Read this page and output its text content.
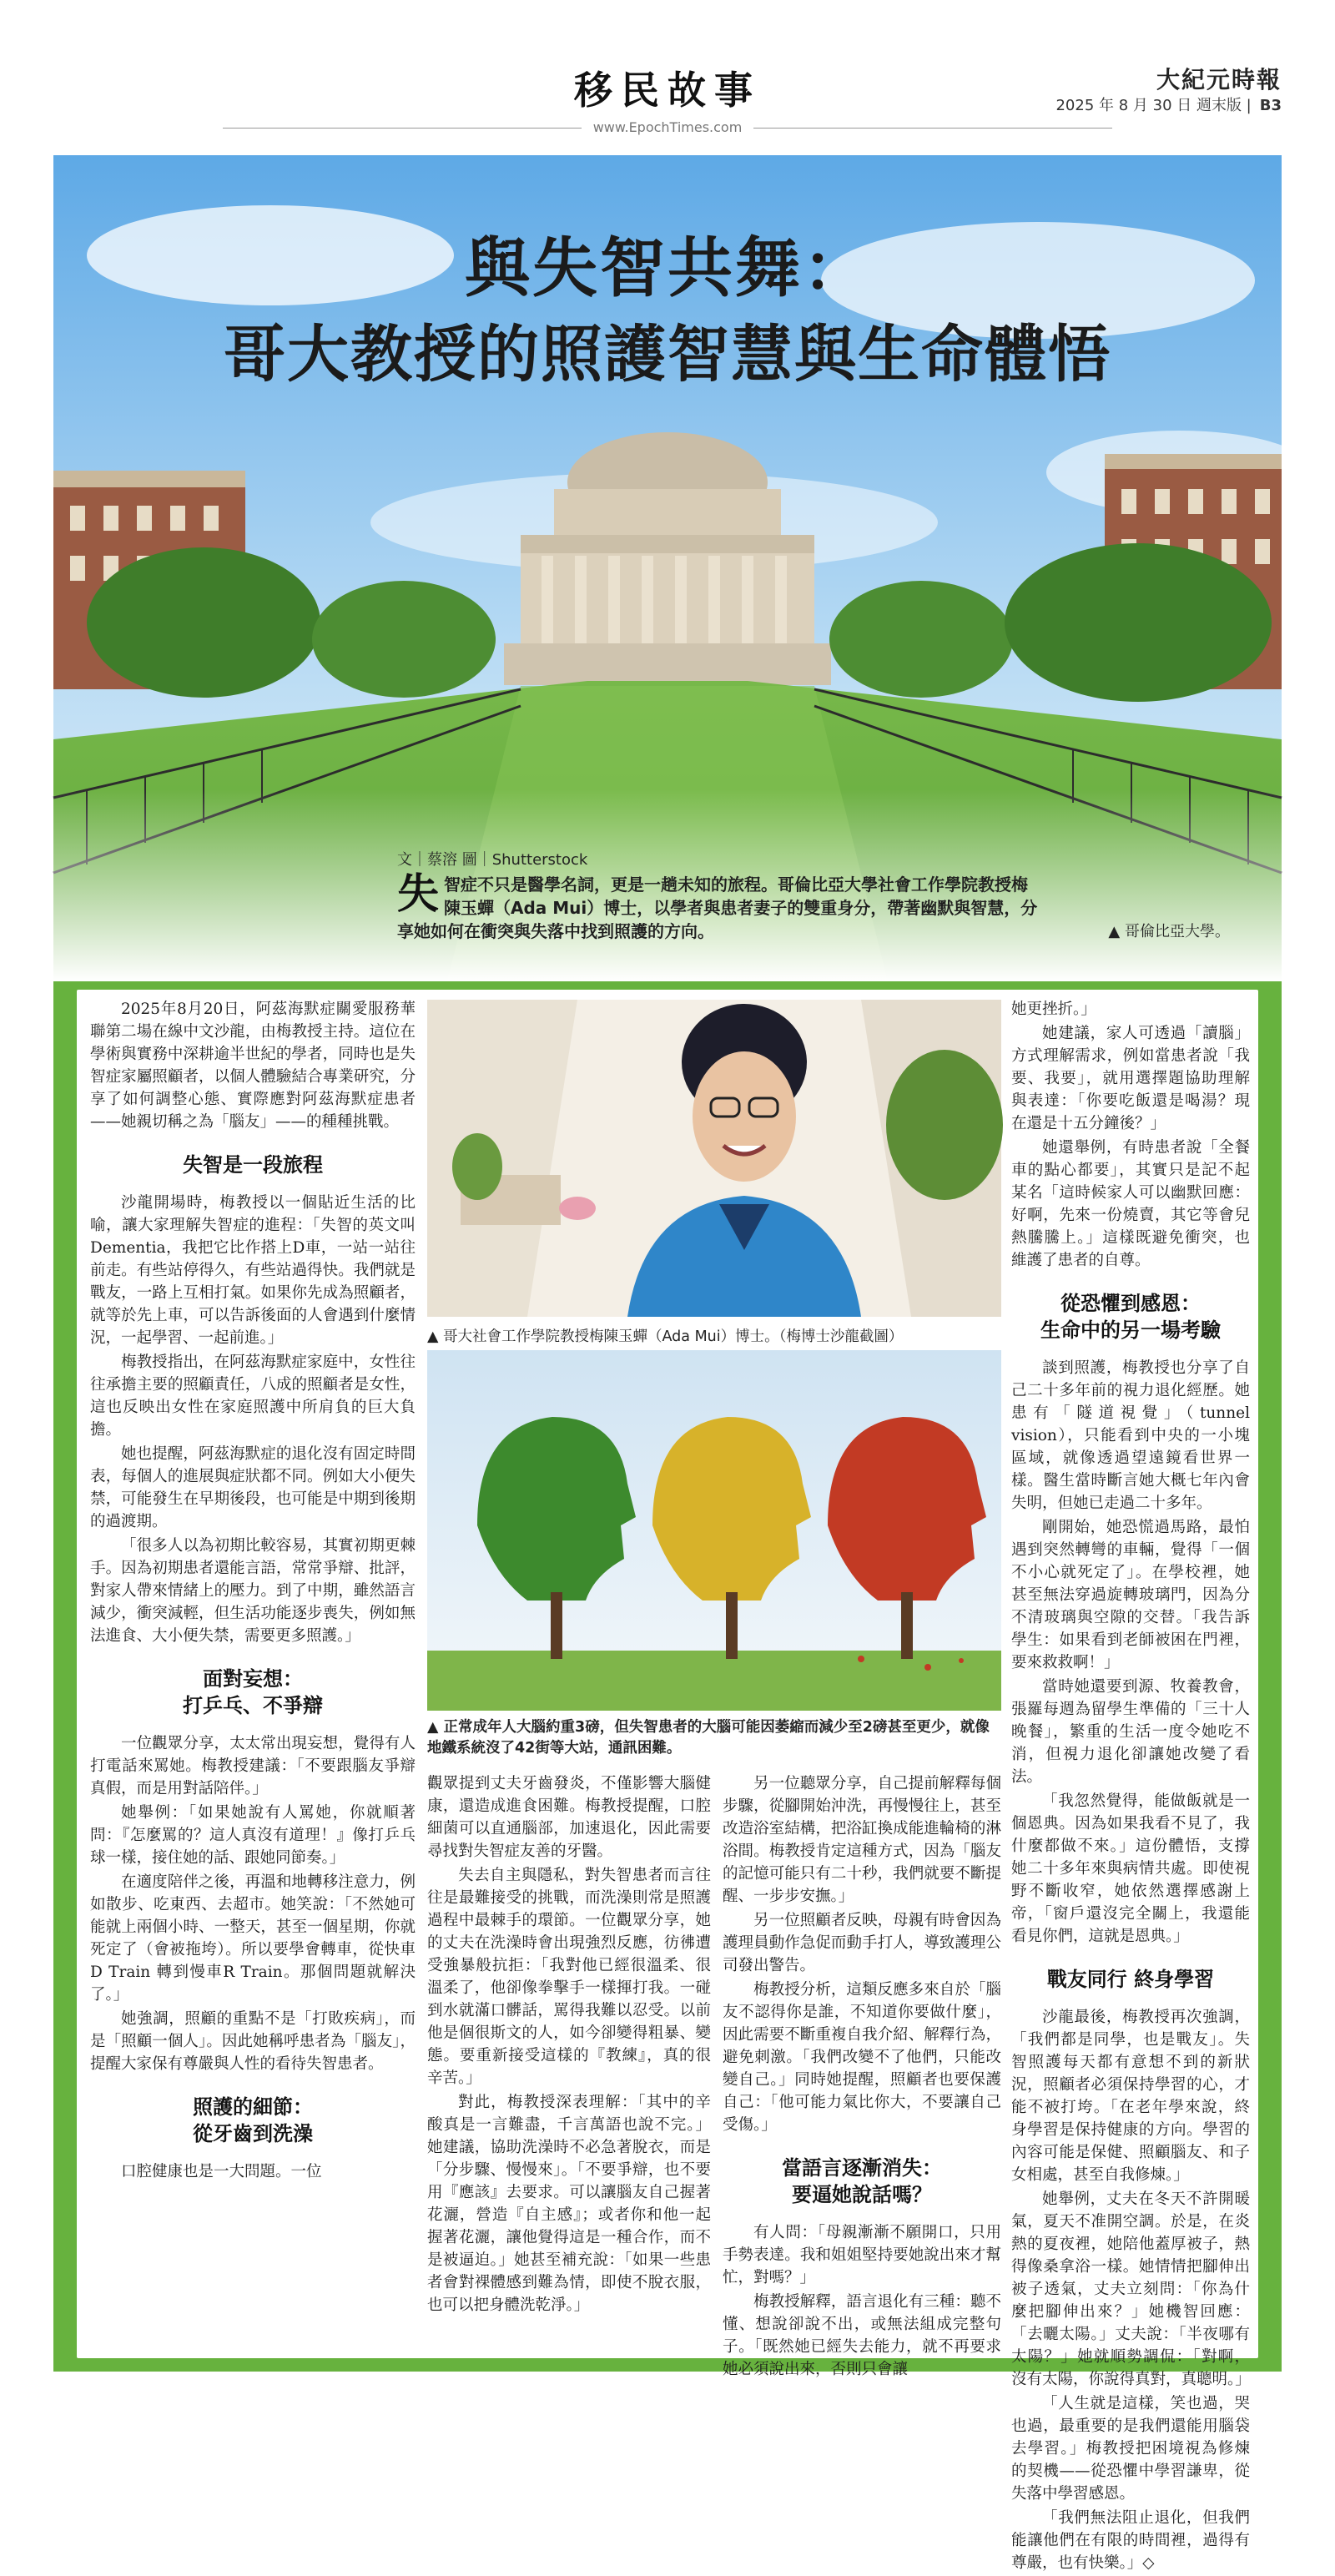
移民故事
www.EpochTimes.com
大紀元時報
2025 年 8 月 30 日 週末版 | B3
與失智共舞：
哥大教授的照護智慧與生命體悟
文｜蔡溶 圖｜Shutterstock
失智症不只是醫學名詞，更是一趟未知的旅程。哥倫比亞大學社會工作學院教授梅陳玉蟬（Ada Mui）博士，以學者與患者妻子的雙重身分，帶著幽默與智慧，分享她如何在衝突與失落中找到照護的方向。	▲ 哥倫比亞大學。

2025年8月20日，阿茲海默症關愛服務華聯第二場在線中文沙龍，由梅教授主持。這位在學術與實務中深耕逾半世紀的學者，同時也是失智症家屬照顧者，以個人體驗結合專業研究，分享了如何調整心態、實際應對阿茲海默症患者——她親切稱之為「腦友」——的種種挑戰。

失智是一段旅程

沙龍開場時，梅教授以一個貼近生活的比喻，讓大家理解失智症的進程：「失智的英文叫 Dementia，我把它比作搭上D車，一站一站往前走。有些站停得久，有些站過得快。我們就是戰友，一路上互相打氣。如果你先成為照顧者，就等於先上車，可以告訴後面的人會遇到什麼情況，一起學習、一起前進。」

梅教授指出，在阿茲海默症家庭中，女性往往承擔主要的照顧責任，八成的照顧者是女性，這也反映出女性在家庭照護中所肩負的巨大負擔。

她也提醒，阿茲海默症的退化沒有固定時間表，每個人的進展與症狀都不同。例如大小便失禁，可能發生在早期後段，也可能是中期到後期的過渡期。

「很多人以為初期比較容易，其實初期更棘手。因為初期患者還能言語，常常爭辯、批評，對家人帶來情緒上的壓力。到了中期，雖然語言減少，衝突減輕，但生活功能逐步喪失，例如無法進食、大小便失禁，需要更多照護。」

面對妄想：
打乒乓、不爭辯

一位觀眾分享，太太常出現妄想，覺得有人打電話來罵她。梅教授建議：「不要跟腦友爭辯真假，而是用對話陪伴。」

她舉例：「如果她說有人罵她，你就順著問：『怎麼罵的？這人真沒有道理！』像打乒乓球一樣，接住她的話、跟她同節奏。」

在適度陪伴之後，再溫和地轉移注意力，例如散步、吃東西、去超市。她笑說：「不然她可能就上兩個小時、一整天，甚至一個星期，你就死定了（會被拖垮）。所以要學會轉車，從快車D Train 轉到慢車R Train。那個問題就解決了。」

她強調，照顧的重點不是「打敗疾病」，而是「照顧一個人」。因此她稱呼患者為「腦友」，提醒大家保有尊嚴與人性的看待失智患者。

照護的細節：
從牙齒到洗澡

口腔健康也是一大問題。一位

▲ 哥大社會工作學院教授梅陳玉蟬（Ada Mui）博士。（梅博士沙龍截圖）
▲ 正常成年人大腦約重3磅，但失智患者的大腦可能因萎縮而減少至2磅甚至更少，就像地鐵系統沒了42街等大站，通訊困難。

觀眾提到丈夫牙齒發炎，不僅影響大腦健康，還造成進食困難。梅教授提醒，口腔細菌可以直通腦部，加速退化，因此需要尋找對失智症友善的牙醫。

失去自主與隱私，對失智患者而言往往是最難接受的挑戰，而洗澡則常是照護過程中最棘手的環節。一位觀眾分享，她的丈夫在洗澡時會出現強烈反應，彷彿遭受強暴般抗拒：「我對他已經很溫柔、很溫柔了，他卻像拳擊手一樣揮打我。一碰到水就滿口髒話，罵得我難以忍受。以前他是個很斯文的人，如今卻變得粗暴、變態。要重新接受這樣的『教練』，真的很辛苦。」

對此，梅教授深表理解：「其中的辛酸真是一言難盡，千言萬語也說不完。」她建議，協助洗澡時不必急著脫衣，而是「分步驟、慢慢來」。「不要爭辯，也不要用『應該』去要求。可以讓腦友自己握著花灑，營造『自主感』；或者你和他一起握著花灑，讓他覺得這是一種合作，而不是被逼迫。」她甚至補充說：「如果一些患者會對裸體感到難為情，即使不脫衣服，也可以把身體洗乾淨。」

另一位聽眾分享，自己提前解釋每個步驟，從腳開始沖洗，再慢慢往上，甚至改造浴室結構，把浴缸換成能進輪椅的淋浴間。梅教授肯定這種方式，因為「腦友的記憶可能只有二十秒，我們就要不斷提醒、一步步安撫。」

另一位照顧者反映，母親有時會因為護理員動作急促而動手打人，導致護理公司發出警告。

梅教授分析，這類反應多來自於「腦友不認得你是誰，不知道你要做什麼」，因此需要不斷重複自我介紹、解釋行為，避免刺激。「我們改變不了他們，只能改變自己。」同時她提醒，照顧者也要保護自己：「他可能力氣比你大，不要讓自己受傷。」

當語言逐漸消失：
要逼她說話嗎？

有人問：「母親漸漸不願開口，只用手勢表達。我和姐姐堅持要她說出來才幫忙，對嗎？」

梅教授解釋，語言退化有三種：聽不懂、想說卻說不出，或無法組成完整句子。「既然她已經失去能力，就不再要求她必須說出來，否則只會讓

她更挫折。」

她建議，家人可透過「讀腦」方式理解需求，例如當患者說「我要、我要」，就用選擇題協助理解與表達：「你要吃飯還是喝湯？現在還是十五分鐘後？」

她還舉例，有時患者說「全餐車的點心都要」，其實只是記不起某名「這時候家人可以幽默回應：好啊，先來一份燒賣，其它等會兒熱騰騰上。」這樣既避免衝突，也維護了患者的自尊。

從恐懼到感恩：
生命中的另一場考驗

談到照護，梅教授也分享了自己二十多年前的視力退化經歷。她患有「隧道視覺」（tunnel vision），只能看到中央的一小塊區域，就像透過望遠鏡看世界一樣。醫生當時斷言她大概七年內會失明，但她已走過二十多年。

剛開始，她恐慌過馬路，最怕遇到突然轉彎的車輛，覺得「一個不小心就死定了」。在學校裡，她甚至無法穿過旋轉玻璃門，因為分不清玻璃與空隙的交替。「我告訴學生：如果看到老師被困在門裡，要來救救啊！」

當時她還要到源、牧養教會，張羅每週為留學生準備的「三十人晚餐」，繁重的生活一度令她吃不消，但視力退化卻讓她改變了看法。

「我忽然覺得，能做飯就是一個恩典。因為如果我看不見了，我什麼都做不來。」這份體悟，支撐她二十多年來與病情共處。即使視野不斷收窄，她依然選擇感謝上帝，「窗戶還沒完全關上，我還能看見你們，這就是恩典。」

戰友同行 終身學習

沙龍最後，梅教授再次強調，「我們都是同學，也是戰友」。失智照護每天都有意想不到的新狀況，照顧者必須保持學習的心，才能不被打垮。「在老年學來說，終身學習是保持健康的方向。學習的內容可能是保健、照顧腦友、和子女相處，甚至自我修煉。」

她舉例，丈夫在冬天不許開暖氣，夏天不准開空調。於是，在炎熱的夏夜裡，她陪他蓋厚被子，熱得像桑拿浴一樣。她情情把腳伸出被子透氣，丈夫立刻問：「你為什麼把腳伸出來？」她機智回應：「去曬太陽。」丈夫說：「半夜哪有太陽？」她就順勢調侃：「對啊，沒有太陽，你說得真對，真聰明。」

「人生就是這樣，笑也過，哭也過，最重要的是我們還能用腦袋去學習。」梅教授把困境視為修煉的契機——從恐懼中學習謙卑，從失落中學習感恩。

「我們無法阻止退化，但我們能讓他們在有限的時間裡，過得有尊嚴，也有快樂。」◇
